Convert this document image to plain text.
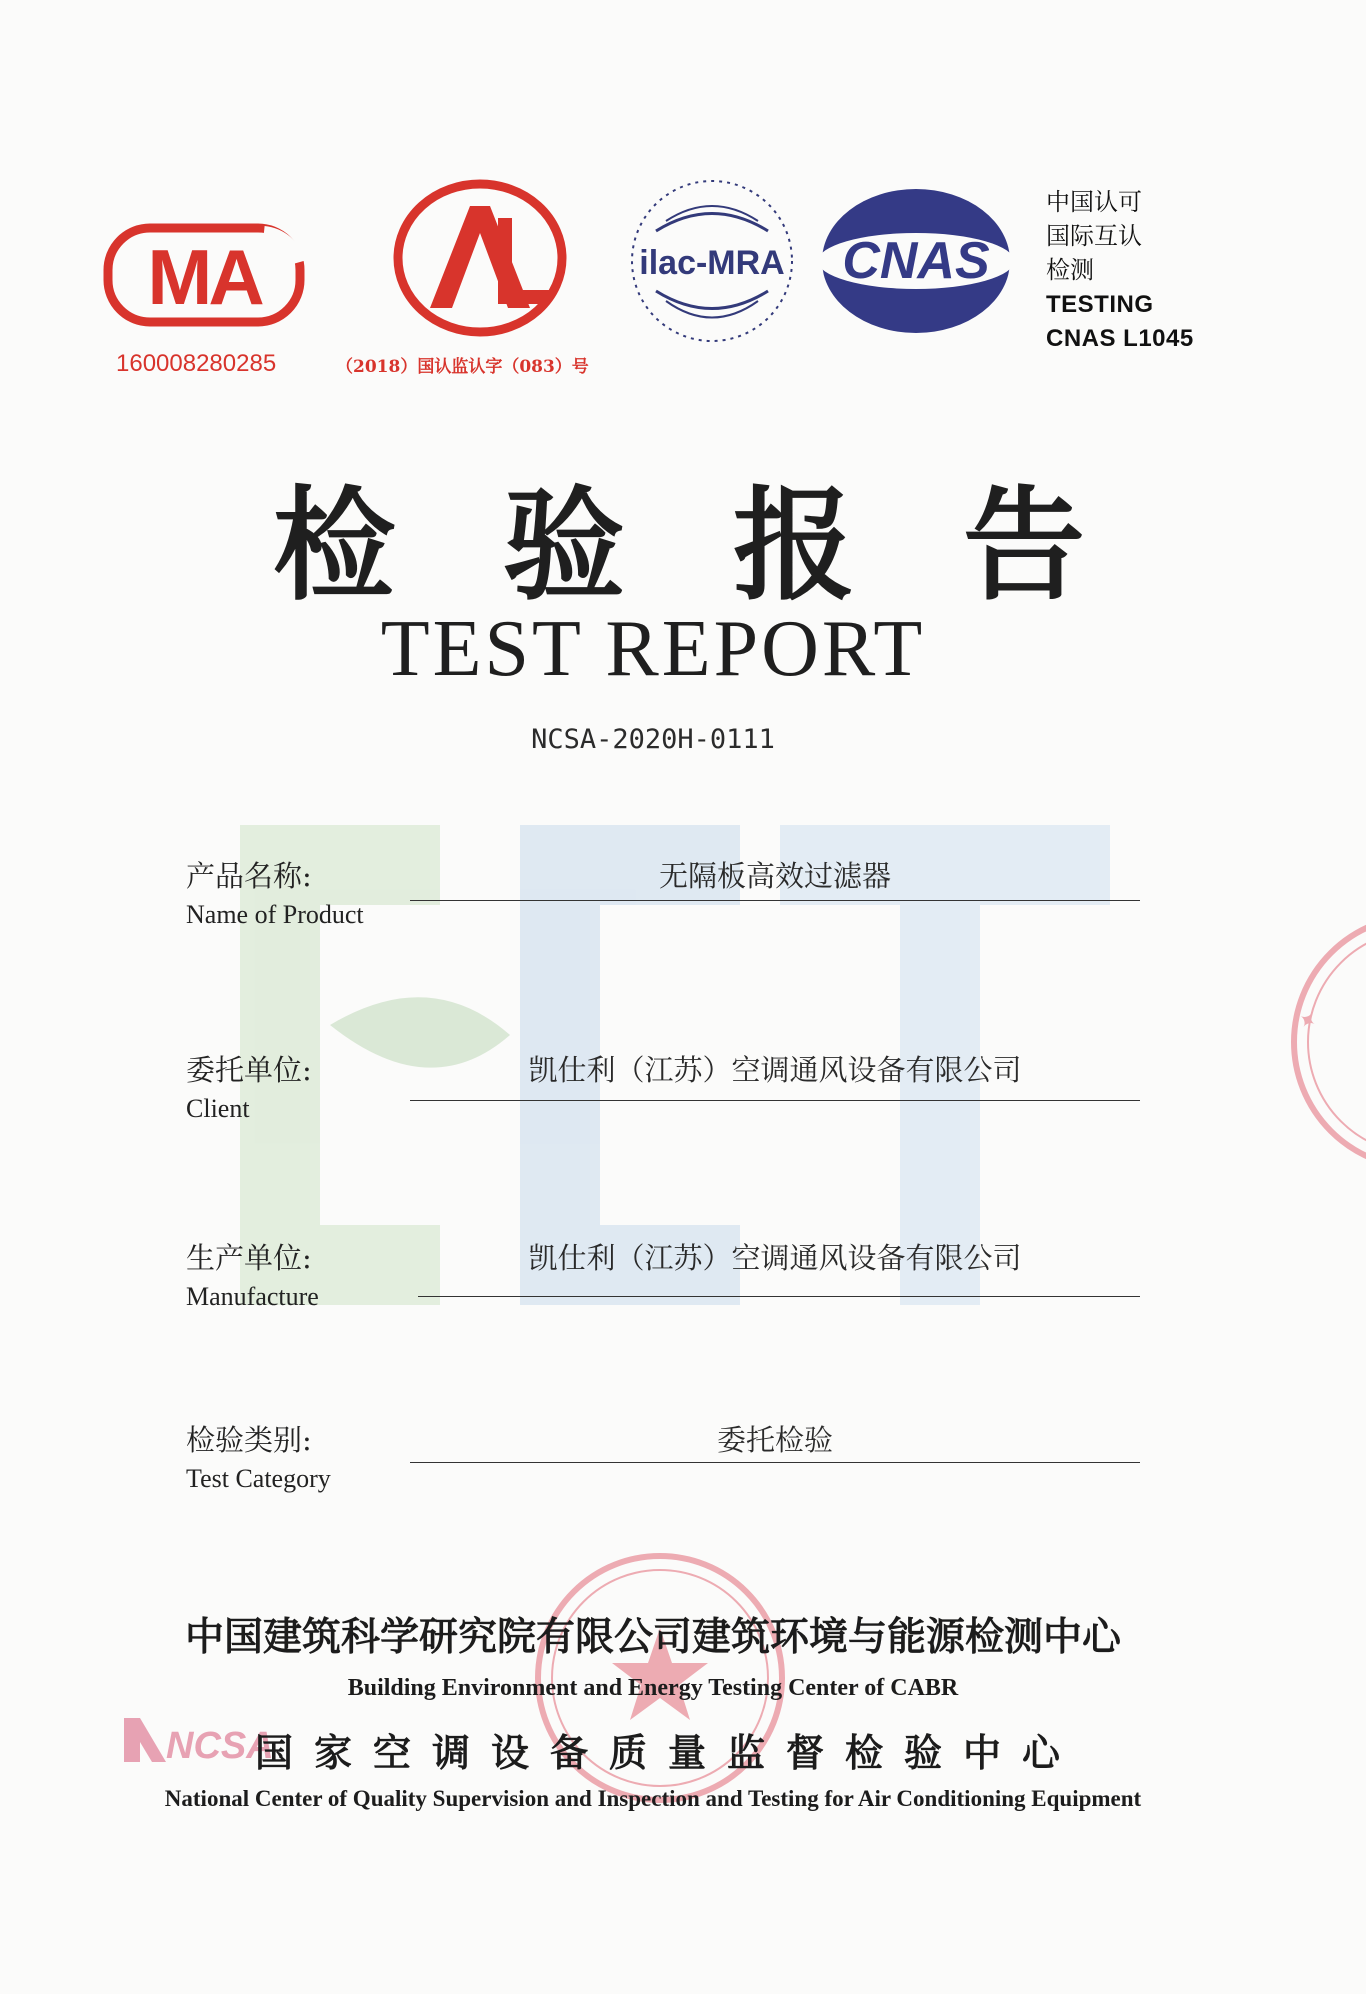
MA
160008280285	（2018）国认监认字（083）号
ilac-MRA CNAS
中国认可
国际互认
检测
TESTING
CNAS L1045
检验报告
TEST REPORT
NCSA-2020H-0111
产品名称:
Name of Product
无隔板高效过滤器
委托单位:
Client
凯仕利（江苏）空调通风设备有限公司
生产单位:
Manufacture
凯仕利（江苏）空调通风设备有限公司
检验类别:
Test Category
委托检验
✦
中国建筑科学研究院有限公司建筑环境与能源检测中心
Building Environment and Energy Testing Center of CABR
NCSA
国家空调设备质量监督检验中心
National Center of Quality Supervision and Inspection and Testing for Air Conditioning Equipment
